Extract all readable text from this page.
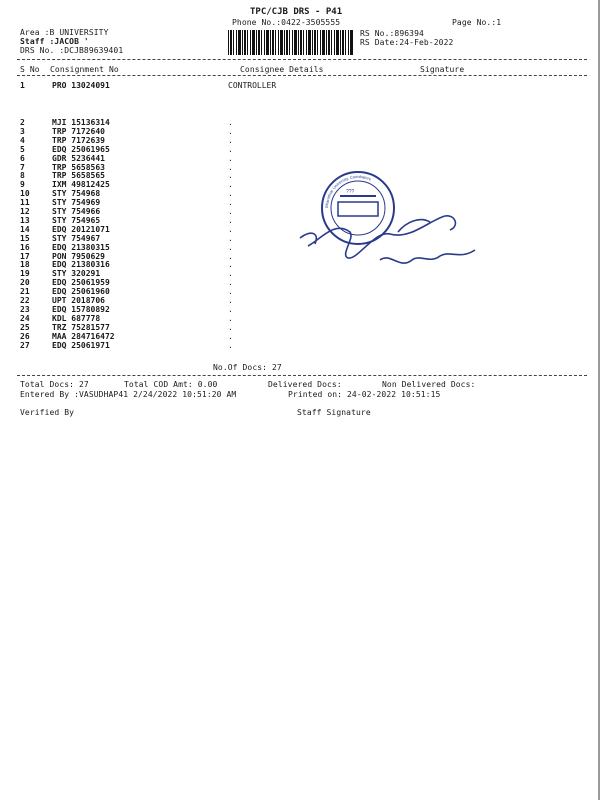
TPC/CJB DRS - P41
Phone No.:0422-3505555	Page No.:1
Area :B UNIVERSITY
Staff :JACOB '
DRS No. :DCJB89639401
RS No.:896394
RS Date:24-Feb-2022
S No Consignment No	Consignee Details	Signature
1	PRO 13024091	CONTROLLER
2	MJI 15136314	.
3	TRP 7172640	.
4	TRP 7172639	.
5	EDQ 25061965	.
6	GDR 5236441	.
7	TRP 5658563	.
8	TRP 5658565	.
9	IXM 49812425	.
10	STY 754968	.
11	STY 754969	.
12	STY 754966	.
13	STY 754965	.
14	EDQ 20121071	.
15	STY 754967	.
16	EDQ 21380315	.
17	PON 7950629	.
18	EDQ 21380316	.
19	STY 320291	.
20	EDQ 25061959	.
21	EDQ 25061960	.
22	UPT 2018706	.
23	EDQ 15780892	.
24	KDL 687778	.
25	TRZ 75281577	.
26	MAA 284716472	.
27	EDQ 25061971	.
No.Of Docs: 27
Total Docs: 27	Total COD Amt: 0.00	Delivered Docs:	Non Delivered Docs:
Entered By :VASUDHAP41 2/24/2022 10:51:20 AM	Printed on: 24-02-2022 10:51:15
Verified By	Staff Signature
???
Bharathiar University, Coimbatore
